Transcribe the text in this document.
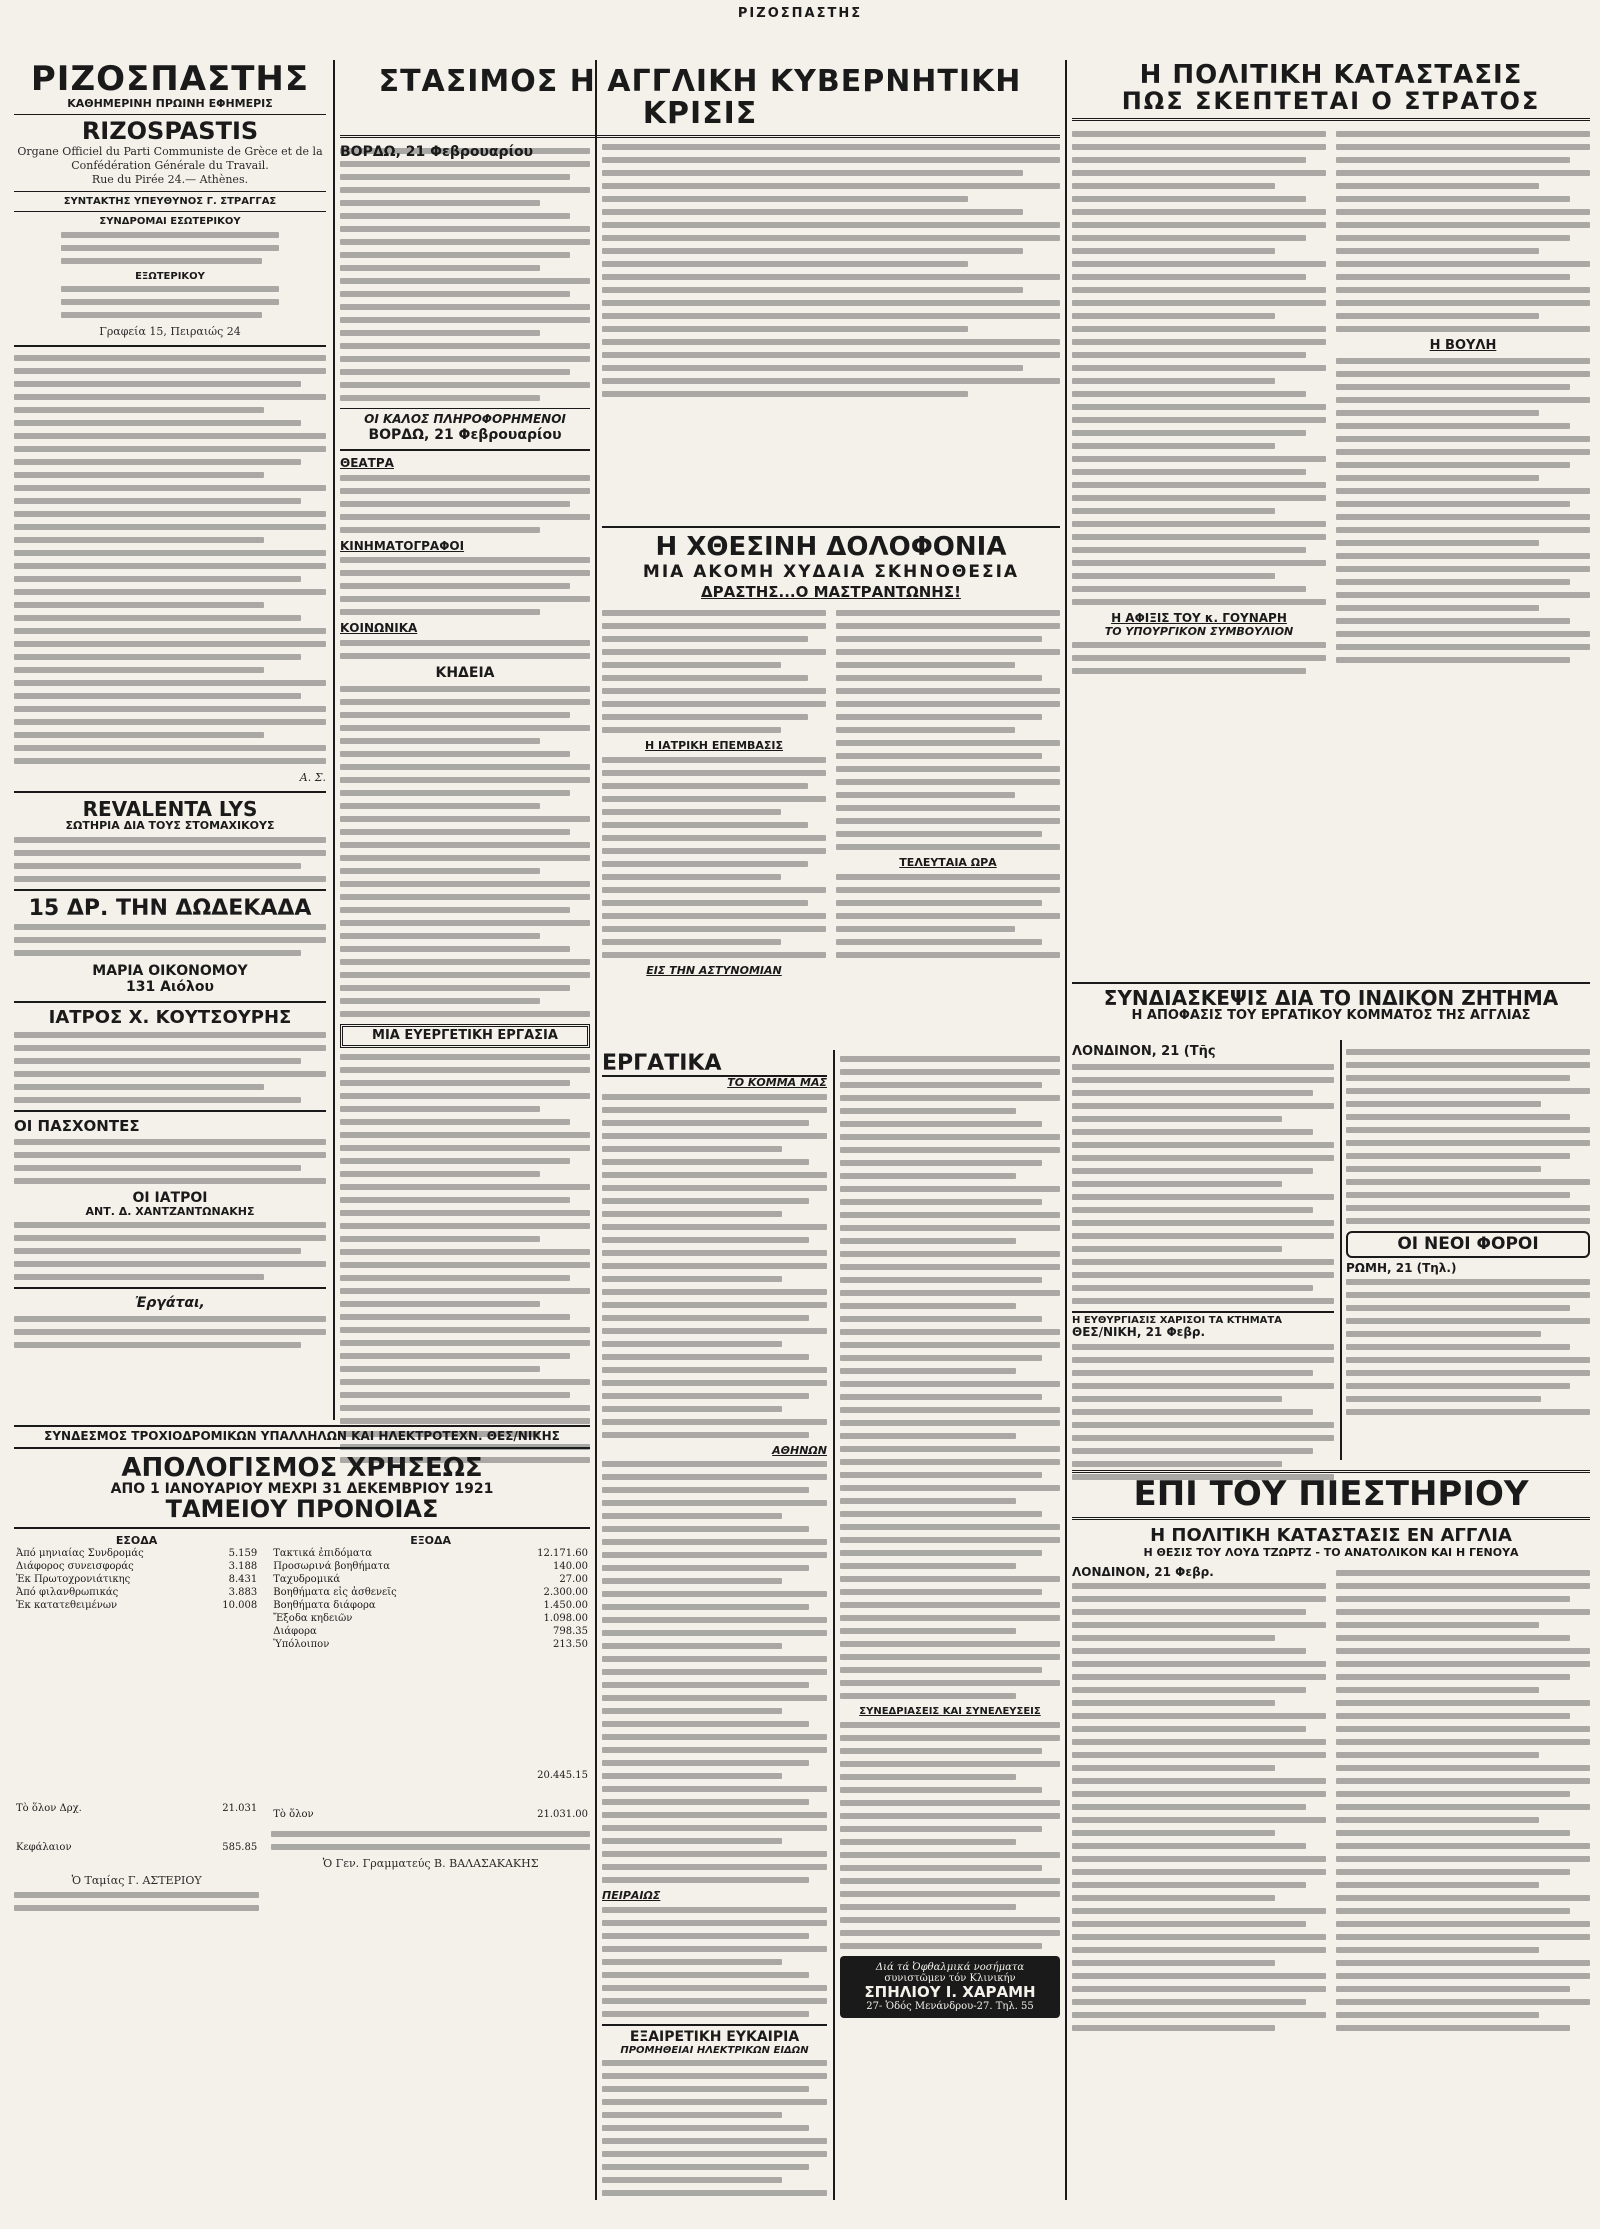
ΡΙΖΟΣΠΑΣΤΗΣ
ΡΙΖΟΣΠΑΣΤΗΣ
ΚΑΘΗΜΕΡΙΝΗ ΠΡΩΙΝΗ ΕΦΗΜΕΡΙΣ
RIZOSPASTIS
Organe Officiel du Parti Communiste de Grèce et de la Confédération Générale du Travail.
Rue du Pirée 24.— Athènes.
ΣΥΝΤΑΚΤΗΣ ΥΠΕΥΘΥΝΟΣ Γ. ΣΤΡΑΓΓΑΣ
ΣΥΝΔΡΟΜΑΙ ΕΣΩΤΕΡΙΚΟΥ
ΕΞΩΤΕΡΙΚΟΥ
Γραφεία 15, Πειραιώς 24
Α. Σ.
REVALENTA LYS
ΣΩΤΗΡΙΑ ΔΙΑ ΤΟΥΣ ΣΤΟΜΑΧΙΚΟΥΣ
15 ΔΡ. ΤΗΝ ΔΩΔΕΚΑΔΑ
ΜΑΡΙΑ ΟΙΚΟΝΟΜΟΥ
131 Αιόλου
ΙΑΤΡΟΣ Χ. ΚΟΥΤΣΟΥΡΗΣ
ΟΙ ΠΑΣΧΟΝΤΕΣ
ΟΙ ΙΑΤΡΟΙ
ΑΝΤ. Δ. ΧΑΝΤΖΑΝΤΩΝΑΚΗΣ
Ἐργάται,
ΟΙ ΚΑΛΟΣ ΠΛΗΡΟΦΟΡΗΜΕΝΟΙ
ΒΟΡΔΩ, 21 Φεβρουαρίου
ΘΕΑΤΡΑ
ΚΙΝΗΜΑΤΟΓΡΑΦΟΙ
ΚΟΙΝΩΝΙΚΑ
ΚΗΔΕΙΑ
ΜΙΑ ΕΥΕΡΓΕΤΙΚΗ ΕΡΓΑΣΙΑ
ΣΤΑΣΙΜΟΣ Η ΑΓΓΛΙΚΗ ΚΥΒΕΡΝΗΤΙΚΗ ΚΡΙΣΙΣ
ΒΟΡΔΩ, 21 Φεβρουαρίου
Η ΧΘΕΣΙΝΗ ΔΟΛΟΦΟΝΙΑ
ΜΙΑ ΑΚΟΜΗ ΧΥΔΑΙΑ ΣΚΗΝΟΘΕΣΙΑ
ΔΡΑΣΤΗΣ...Ο ΜΑΣΤΡΑΝΤΩΝΗΣ!
Η ΙΑΤΡΙΚΗ ΕΠΕΜΒΑΣΙΣ
ΕΙΣ ΤΗΝ ΑΣΤΥΝΟΜΙΑΝ
ΤΕΛΕΥΤΑΙΑ ΩΡΑ
ΕΡΓΑΤΙΚΑ
ΤΟ ΚΟΜΜΑ ΜΑΣ
ΑΘΗΝΩΝ
ΠΕΙΡΑΙΩΣ
ΕΞΑΙΡΕΤΙΚΗ ΕΥΚΑΙΡΙΑ
ΠΡΟΜΗΘΕΙΑΙ ΗΛΕΚΤΡΙΚΩΝ ΕΙΔΩΝ
ΣΥΝΕΔΡΙΑΣΕΙΣ ΚΑΙ ΣΥΝΕΛΕΥΣΕΙΣ
Διά τά Ὀφθαλμικά νοσήματα
συνιστῶμεν τόν Κλινικήν
ΣΠΗΛΙΟΥ Ι. ΧΑΡΑΜΗ
27- Ὁδός Μενάνδρου-27. Τηλ. 55
Η ΠΟΛΙΤΙΚΗ ΚΑΤΑΣΤΑΣΙΣ
ΠΩΣ ΣΚΕΠΤΕΤΑΙ Ο ΣΤΡΑΤΟΣ
Η ΑΦΙΞΙΣ ΤΟΥ κ. ΓΟΥΝΑΡΗ
ΤΟ ΥΠΟΥΡΓΙΚΟΝ ΣΥΜΒΟΥΛΙΟΝ
Η ΒΟΥΛΗ
ΣΥΝΔΙΑΣΚΕΨΙΣ ΔΙΑ ΤΟ ΙΝΔΙΚΟΝ ΖΗΤΗΜΑ
Η ΑΠΟΦΑΣΙΣ ΤΟΥ ΕΡΓΑΤΙΚΟΥ ΚΟΜΜΑΤΟΣ ΤΗΣ ΑΓΓΛΙΑΣ
ΛΟΝΔΙΝΟΝ, 21 (Τῆς
Η ΕΥΘΥΡΓΙΑΣΙΣ ΧΑΡΙΣΟΙ ΤΑ ΚΤΗΜΑΤΑ
ΘΕΣ/ΝΙΚΗ, 21 Φεβρ.
ΟΙ ΝΕΟΙ ΦΟΡΟΙ
ΡΩΜΗ, 21 (Τηλ.)
ΕΠΙ ΤΟΥ ΠΙΕΣΤΗΡΙΟΥ
Η ΠΟΛΙΤΙΚΗ ΚΑΤΑΣΤΑΣΙΣ ΕΝ ΑΓΓΛΙΑ
Η ΘΕΣΙΣ ΤΟΥ ΛΟΥΔ ΤΖΩΡΤΖ - ΤΟ ΑΝΑΤΟΛΙΚΟΝ ΚΑΙ Η ΓΕΝΟΥΑ
ΛΟΝΔΙΝΟΝ, 21 Φεβρ.
ΣΥΝΔΕΣΜΟΣ ΤΡΟΧΙΟΔΡΟΜΙΚΩΝ ΥΠΑΛΛΗΛΩΝ ΚΑΙ ΗΛΕΚΤΡΟΤΕΧΝ. ΘΕΣ/ΝΙΚΗΣ
ΑΠΟΛΟΓΙΣΜΟΣ ΧΡΗΣΕΩΣ
ΑΠΟ 1 ΙΑΝΟΥΑΡΙΟΥ ΜΕΧΡΙ 31 ΔΕΚΕΜΒΡΙΟΥ 1921
ΤΑΜΕΙΟΥ ΠΡΟΝΟΙΑΣ
ΕΣΟΔΑ
Ἀπό μηνιαίας Συνδρομάς	5.159
Διάφορος συνεισφοράς	3.188
Ἐκ Πρωτοχρονιάτικης	8.431
Ἀπό φιλανθρωπικάς	3.883
Ἐκ κατατεθειμένων	10.008
Τὸ ὅλον Δρχ.	21.031
Κεφάλαιον	585.85
Ὁ Ταμίας Γ. ΑΣΤΕΡΙΟΥ
ΕΞΟΔΑ
Τακτικά ἐπιδόματα	12.171.60
Προσωρινά βοηθήματα	140.00
Ταχυδρομικά	27.00
Βοηθήματα εἰς ἀσθενεῖς	2.300.00
Βοηθήματα διάφορα	1.450.00
Ἔξοδα κηδειῶν	1.098.00
Διάφορα	798.35
Ὑπόλοιπον	213.50
	20.445.15
Τὸ ὅλον	21.031.00
Ὁ Γεν. Γραμματεύς Β. ΒΑΛΑΣΑΚΑΚΗΣ
